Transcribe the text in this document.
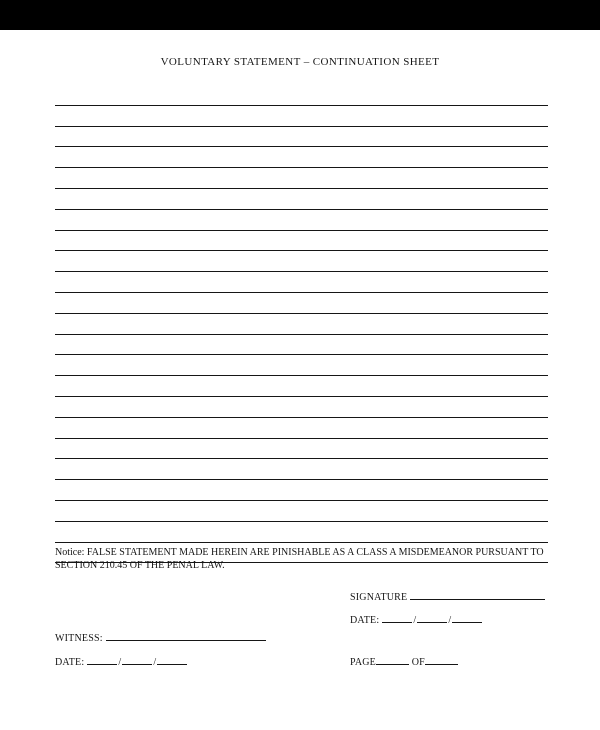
VOLUNTARY STATEMENT – CONTINUATION SHEET
Notice: FALSE STATEMENT MADE HEREIN ARE PINISHABLE AS A CLASS A MISDEMEANOR PURSUANT TO
SECTION 210.45 OF THE PENAL LAW.
SIGNATURE
DATE:	/	/
WITNESS:
DATE:	/	/	PAGE	OF
